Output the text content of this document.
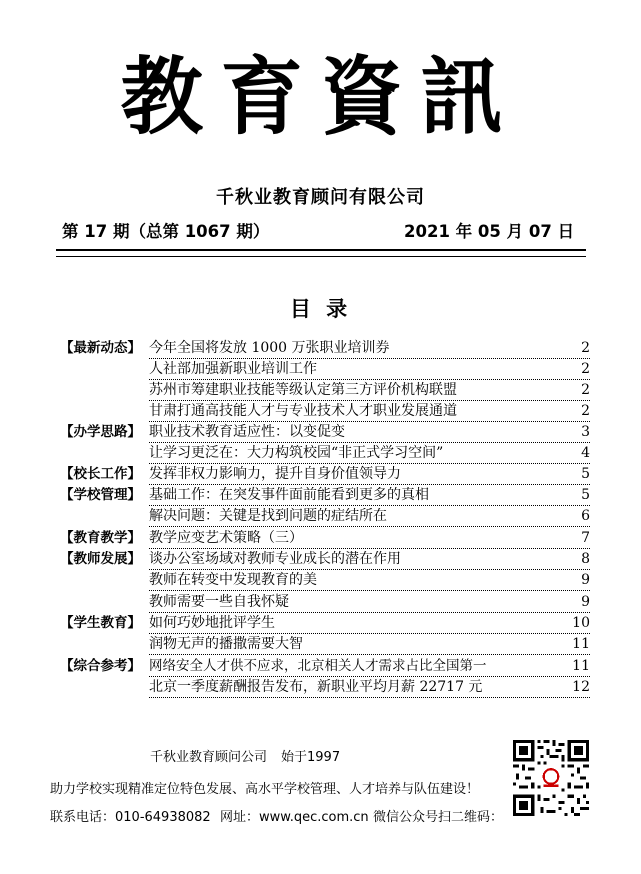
教育資訊
千秋业教育顾问有限公司
第 17 期（总第 1067 期）	2021 年 05 月 07 日
目 录
【最新动态】 今年全国将发放 1000 万张职业培训券	2
人社部加强新职业培训工作	2
苏州市筹建职业技能等级认定第三方评价机构联盟	2
甘肃打通高技能人才与专业技术人才职业发展通道	2
【办学思路】 职业技术教育适应性：以变促变	3
让学习更泛在：大力构筑校园“非正式学习空间”	4
【校长工作】 发挥非权力影响力，提升自身价值领导力	5
【学校管理】 基础工作：在突发事件面前能看到更多的真相	5
解决问题：关键是找到问题的症结所在	6
【教育教学】 教学应变艺术策略（三）	7
【教师发展】 谈办公室场域对教师专业成长的潜在作用	8
教师在转变中发现教育的美	9
教师需要一些自我怀疑	9
【学生教育】 如何巧妙地批评学生	10
润物无声的播撒需要大智	11
【综合参考】 网络安全人才供不应求，北京相关人才需求占比全国第一	11
北京一季度薪酬报告发布，新职业平均月薪 22717 元	12
千秋业教育顾问公司 始于1997
助力学校实现精准定位特色发展、高水平学校管理、人才培养与队伍建设！
联系电话：010-64938082 网址：www.qec.com.cn 微信公众号扫二维码：
